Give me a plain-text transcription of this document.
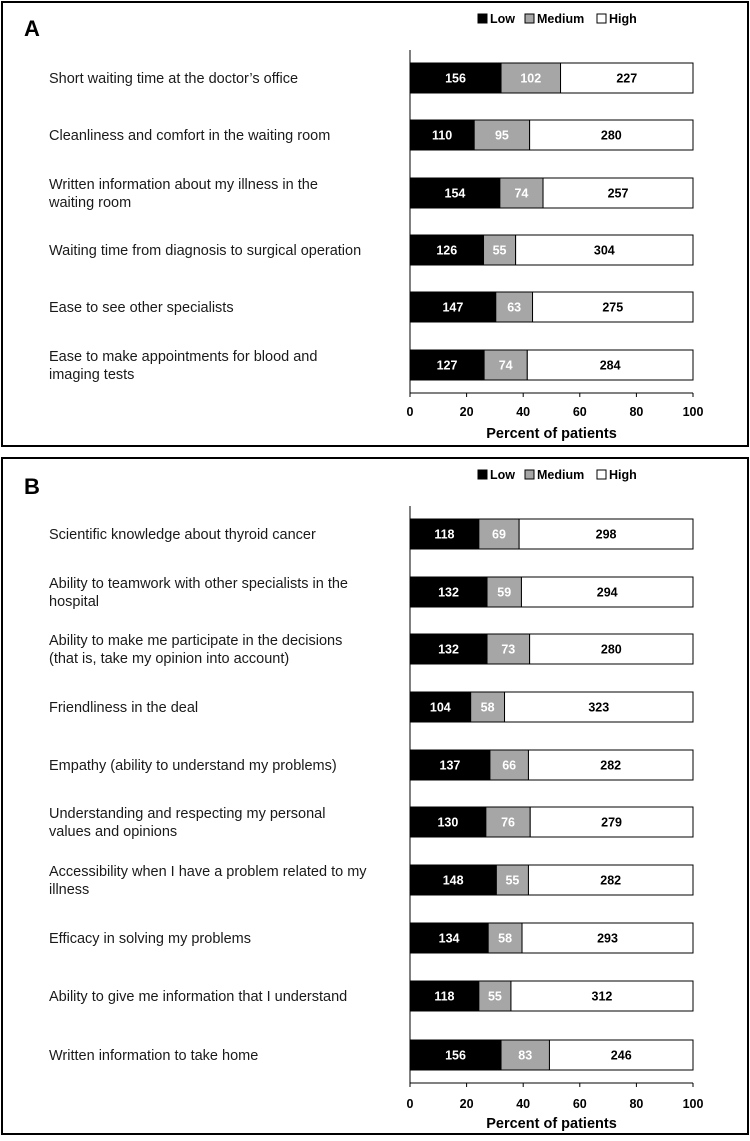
A	Low Medium High
Short waiting time at the doctor’s office
Cleanliness and comfort in the waiting room
Written information about my illness in the waiting room
Waiting time from diagnosis to surgical operation
Ease to see other specialists
Ease to make appointments for blood and imaging tests
156	102	227
110	95	280
154	74	257
126	55	304
147	63	275
127	74	284
0	20	40	60	80	100
Percent of patients
B	Low Medium High
Scientific knowledge about thyroid cancer
Ability to teamwork with other specialists in the hospital
Ability to make me participate in the decisions (that is, take my opinion into account)
Friendliness in the deal
Empathy (ability to understand my problems)
Understanding and respecting my personal values and opinions
Accessibility when I have a problem related to my illness
Efficacy in solving my problems
Ability to give me information that I understand
Written information to take home
118	69	298
132	59	294
132	73	280
104 58	323
137	66	282
130	76	279
148	55	282
134	58	293
118	55	312
156	83	246
0	20	40	60	80	100
Percent of patients
